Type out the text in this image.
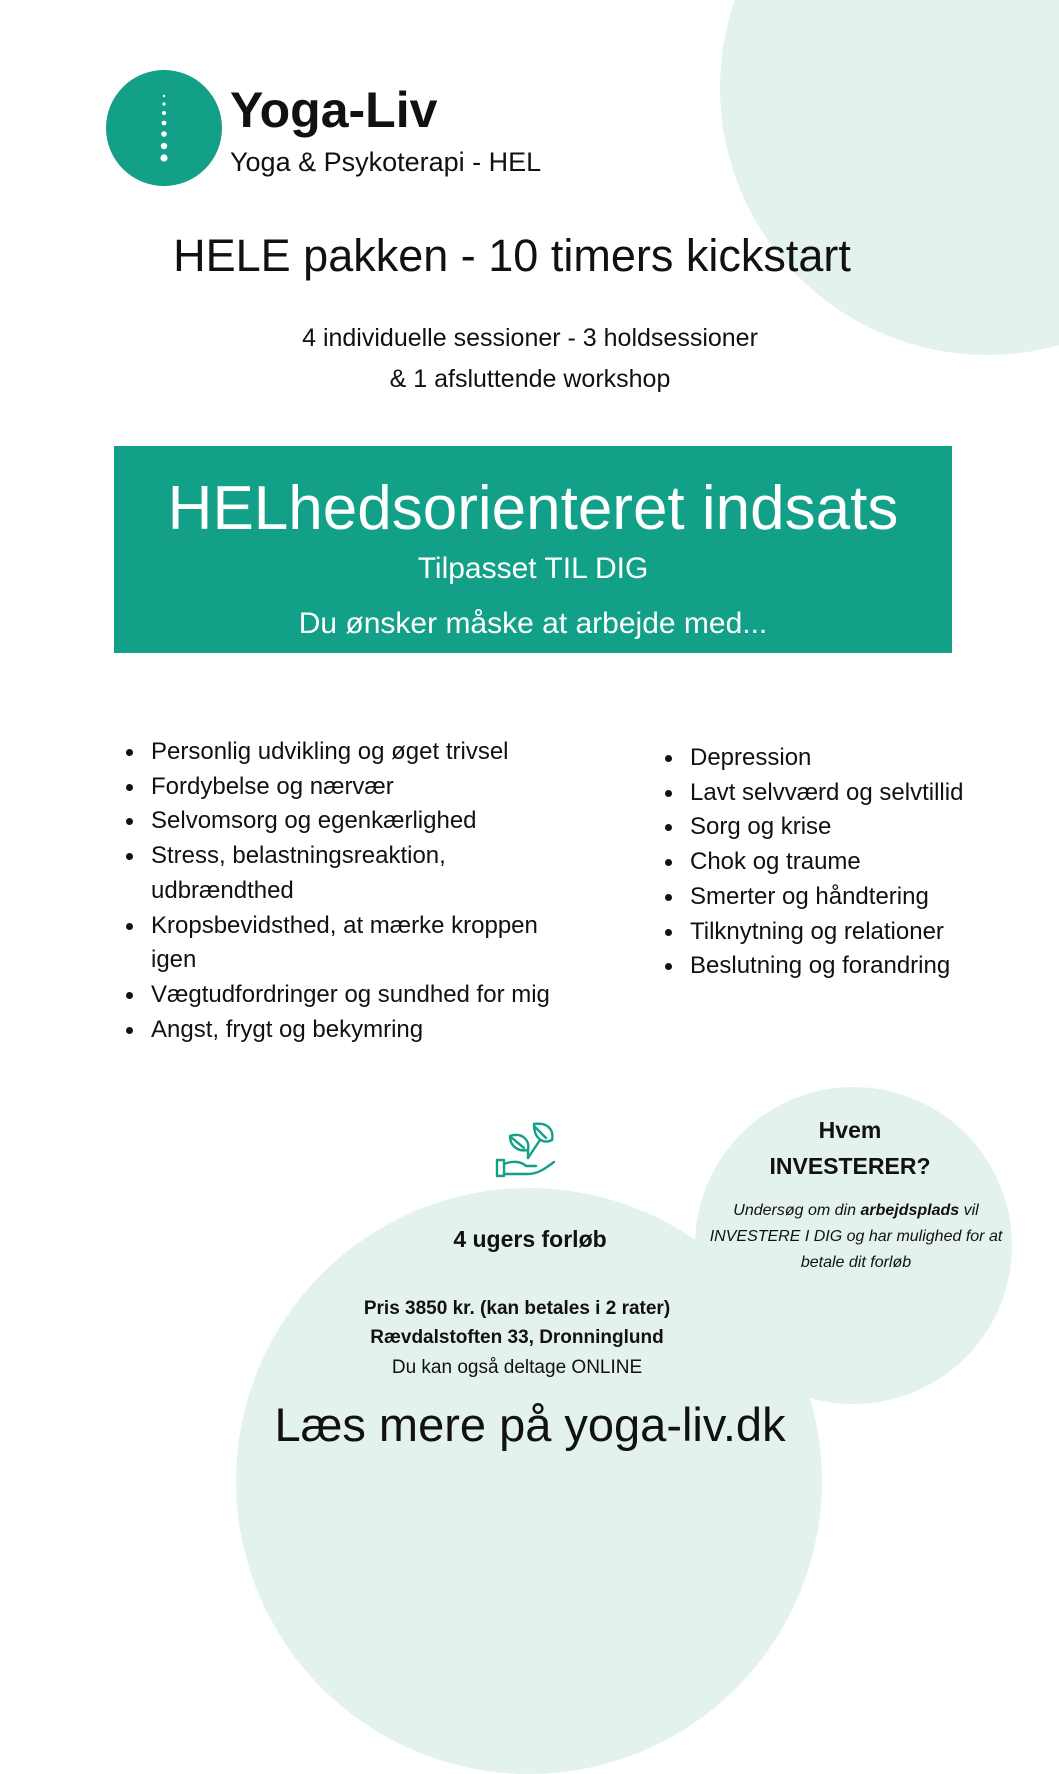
Yoga-Liv
Yoga & Psykoterapi - HEL
HELE pakken - 10 timers kickstart
4 individuelle sessioner - 3 holdsessioner
& 1 afsluttende workshop
HELhedsorienteret indsats
Tilpasset TIL DIG
Du ønsker måske at arbejde med...
Personlig udvikling og øget trivsel
Fordybelse og nærvær
Selvomsorg og egenkærlighed
Stress, belastningsreaktion, udbrændthed
Kropsbevidsthed, at mærke kroppen igen
Vægtudfordringer og sundhed for mig
Angst, frygt og bekymring
Depression
Lavt selvværd og selvtillid
Sorg og krise
Chok og traume
Smerter og håndtering
Tilknytning og relationer
Beslutning og forandring
4 ugers forløb
Pris 3850 kr. (kan betales i 2 rater)
Rævdalstoften 33, Dronninglund
Du kan også deltage ONLINE
Hvem
INVESTERER?
Undersøg om din arbejdsplads vil INVESTERE I DIG og har mulighed for at betale dit forløb
Læs mere på yoga-liv.dk
